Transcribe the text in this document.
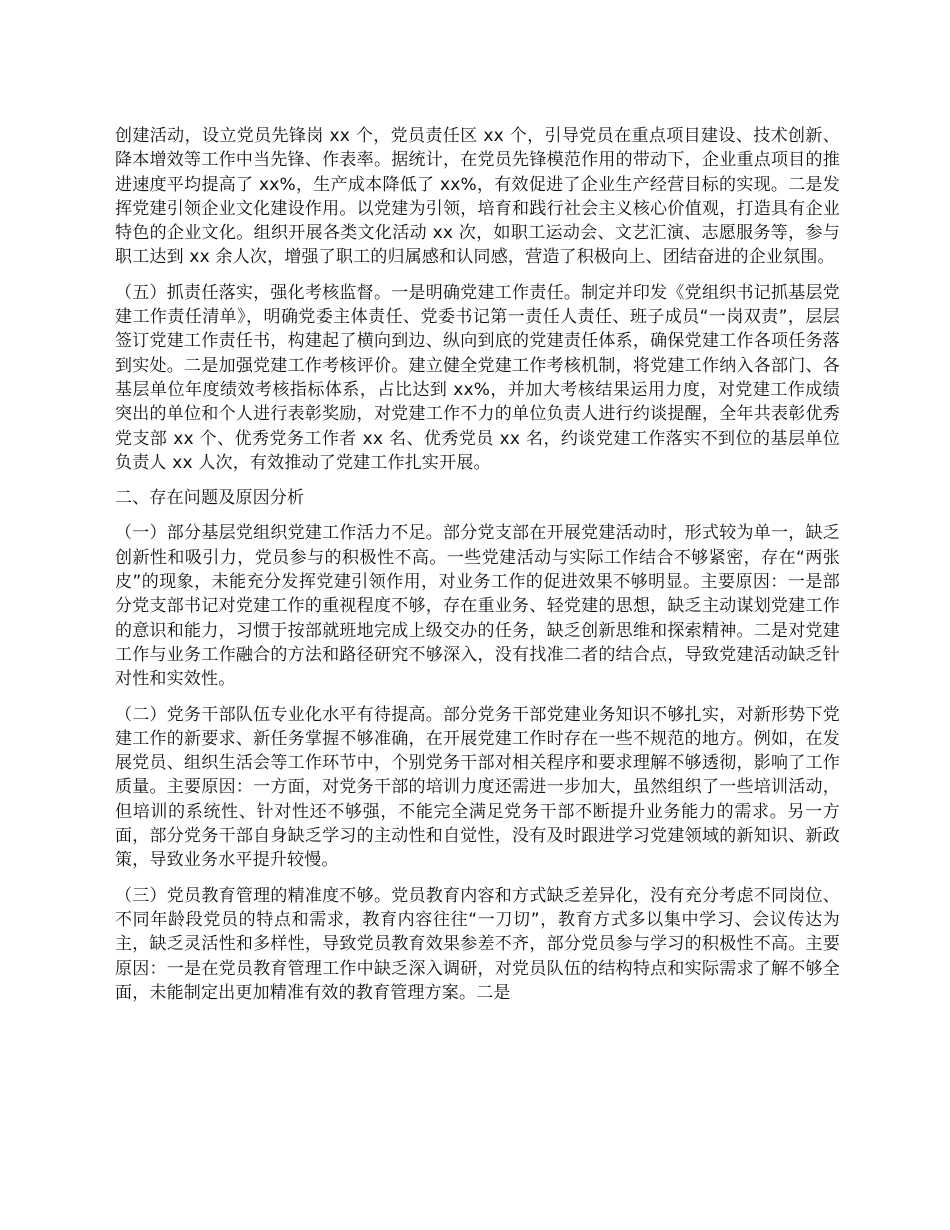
创建活动，设立党员先锋岗 xx 个，党员责任区 xx 个，引导党员在重点项目建设、技术创新、降本增效等工作中当先锋、作表率。据统计，在党员先锋模范作用的带动下，企业重点项目的推进速度平均提高了 xx%，生产成本降低了 xx%，有效促进了企业生产经营目标的实现。二是发挥党建引领企业文化建设作用。以党建为引领，培育和践行社会主义核心价值观，打造具有企业特色的企业文化。组织开展各类文化活动 xx 次，如职工运动会、文艺汇演、志愿服务等，参与职工达到 xx 余人次，增强了职工的归属感和认同感，营造了积极向上、团结奋进的企业氛围。

（五）抓责任落实，强化考核监督。一是明确党建工作责任。制定并印发《党组织书记抓基层党建工作责任清单》，明确党委主体责任、党委书记第一责任人责任、班子成员“一岗双责”，层层签订党建工作责任书，构建起了横向到边、纵向到底的党建责任体系，确保党建工作各项任务落到实处。二是加强党建工作考核评价。建立健全党建工作考核机制，将党建工作纳入各部门、各基层单位年度绩效考核指标体系，占比达到 xx%，并加大考核结果运用力度，对党建工作成绩突出的单位和个人进行表彰奖励，对党建工作不力的单位负责人进行约谈提醒，全年共表彰优秀党支部 xx 个、优秀党务工作者 xx 名、优秀党员 xx 名，约谈党建工作落实不到位的基层单位负责人 xx 人次，有效推动了党建工作扎实开展。

二、存在问题及原因分析

（一）部分基层党组织党建工作活力不足。部分党支部在开展党建活动时，形式较为单一，缺乏创新性和吸引力，党员参与的积极性不高。一些党建活动与实际工作结合不够紧密，存在“两张皮”的现象，未能充分发挥党建引领作用，对业务工作的促进效果不够明显。主要原因：一是部分党支部书记对党建工作的重视程度不够，存在重业务、轻党建的思想，缺乏主动谋划党建工作的意识和能力，习惯于按部就班地完成上级交办的任务，缺乏创新思维和探索精神。二是对党建工作与业务工作融合的方法和路径研究不够深入，没有找准二者的结合点，导致党建活动缺乏针对性和实效性。

（二）党务干部队伍专业化水平有待提高。部分党务干部党建业务知识不够扎实，对新形势下党建工作的新要求、新任务掌握不够准确，在开展党建工作时存在一些不规范的地方。例如，在发展党员、组织生活会等工作环节中，个别党务干部对相关程序和要求理解不够透彻，影响了工作质量。主要原因：一方面，对党务干部的培训力度还需进一步加大，虽然组织了一些培训活动，但培训的系统性、针对性还不够强，不能完全满足党务干部不断提升业务能力的需求。另一方面，部分党务干部自身缺乏学习的主动性和自觉性，没有及时跟进学习党建领域的新知识、新政策，导致业务水平提升较慢。

（三）党员教育管理的精准度不够。党员教育内容和方式缺乏差异化，没有充分考虑不同岗位、不同年龄段党员的特点和需求，教育内容往往“一刀切”，教育方式多以集中学习、会议传达为主，缺乏灵活性和多样性，导致党员教育效果参差不齐，部分党员参与学习的积极性不高。主要原因：一是在党员教育管理工作中缺乏深入调研，对党员队伍的结构特点和实际需求了解不够全面，未能制定出更加精准有效的教育管理方案。二是
